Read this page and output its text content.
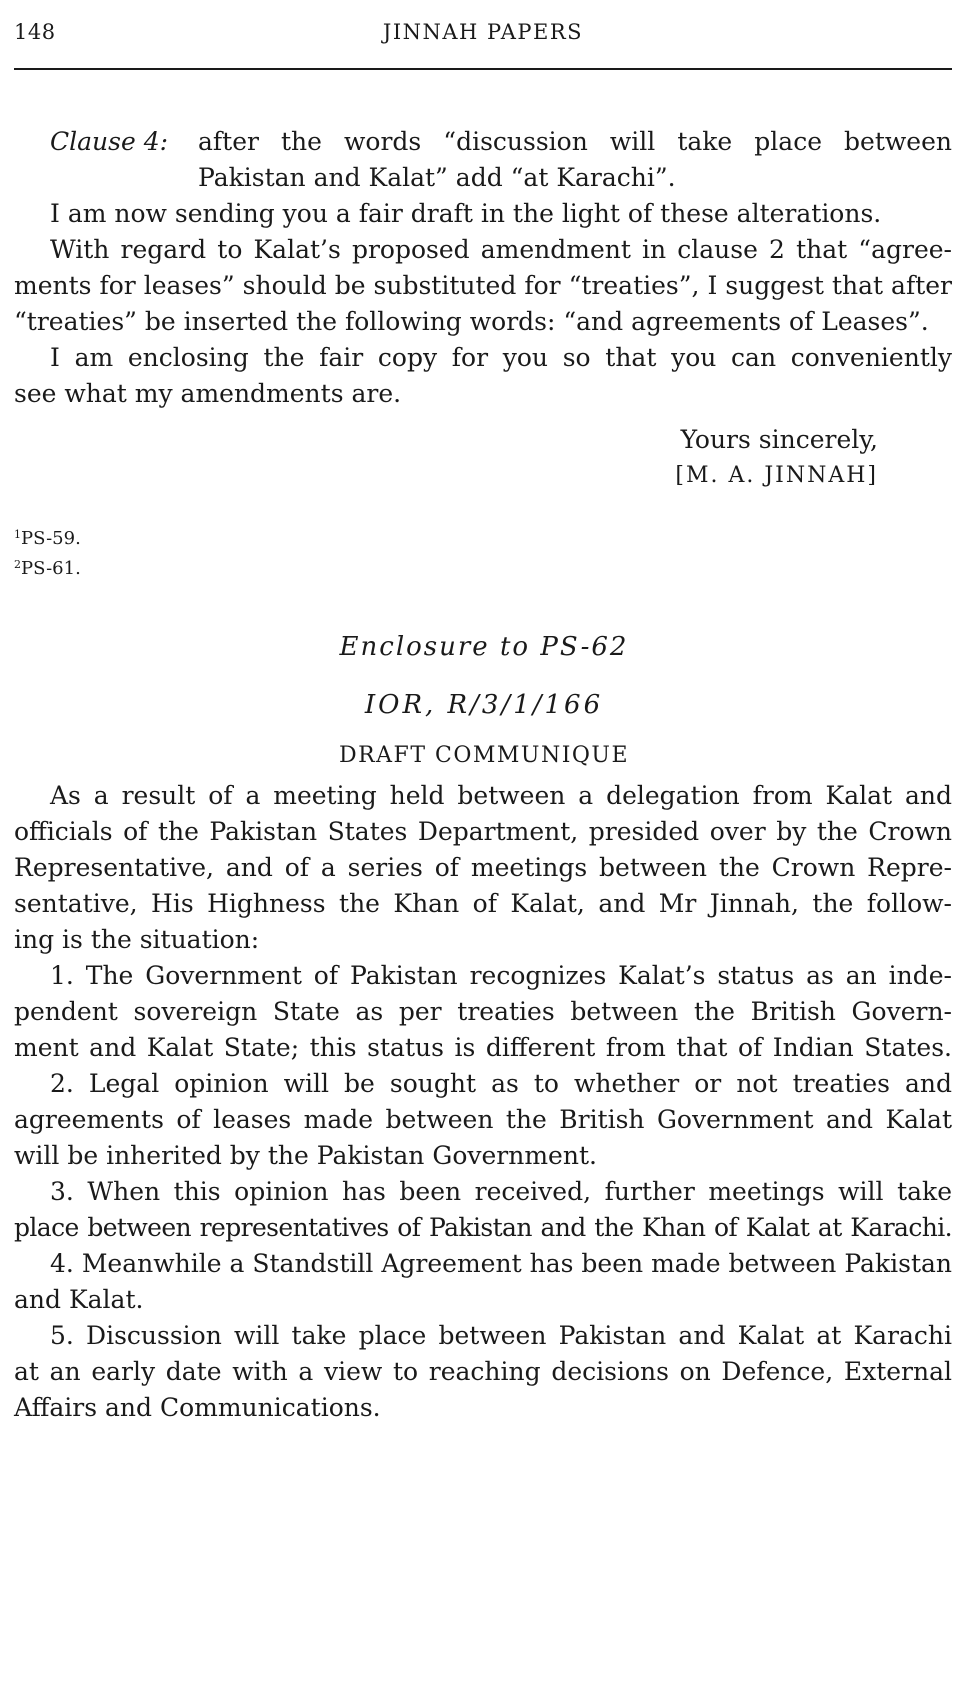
148	JINNAH PAPERS
Clause 4:	after the words “discussion will take place between
Pakistan and Kalat” add “at Karachi”.
I am now sending you a fair draft in the light of these alterations.
With regard to Kalat’s proposed amendment in clause 2 that “agree-
ments for leases” should be substituted for “treaties”, I suggest that after
“treaties” be inserted the following words: “and agreements of Leases”.
I am enclosing the fair copy for you so that you can conveniently
see what my amendments are.
Yours sincerely,
[M. A. JINNAH]
$^1$PS-59.
$^2$PS-61.
Enclosure to PS-62
IOR, R/3/1/166
DRAFT COMMUNIQUE
As a result of a meeting held between a delegation from Kalat and
officials of the Pakistan States Department, presided over by the Crown
Representative, and of a series of meetings between the Crown Repre-
sentative, His Highness the Khan of Kalat, and Mr Jinnah, the follow-
ing is the situation:
1. The Government of Pakistan recognizes Kalat’s status as an inde-
pendent sovereign State as per treaties between the British Govern-
ment and Kalat State; this status is different from that of Indian States.
2. Legal opinion will be sought as to whether or not treaties and
agreements of leases made between the British Government and Kalat
will be inherited by the Pakistan Government.
3. When this opinion has been received, further meetings will take
place between representatives of Pakistan and the Khan of Kalat at Karachi.
4. Meanwhile a Standstill Agreement has been made between Pakistan
and Kalat.
5. Discussion will take place between Pakistan and Kalat at Karachi
at an early date with a view to reaching decisions on Defence, External
Affairs and Communications.
